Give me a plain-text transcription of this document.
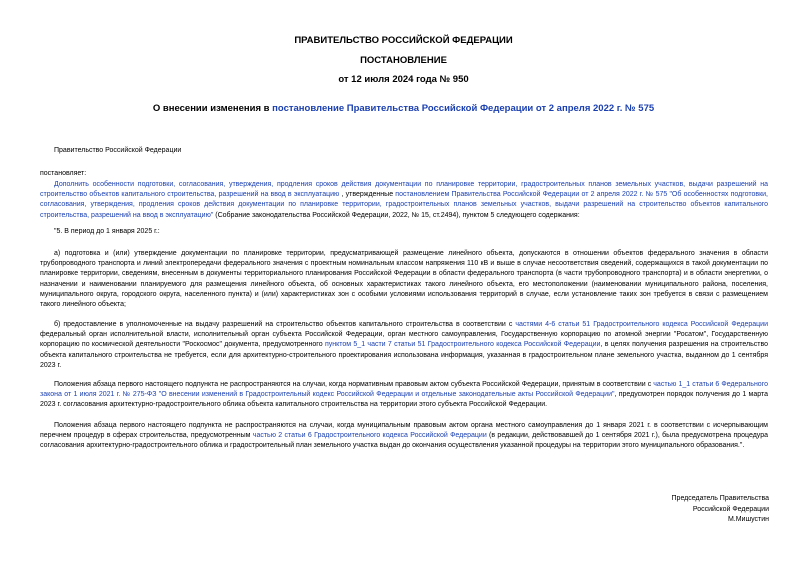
ПРАВИТЕЛЬСТВО РОССИЙСКОЙ ФЕДЕРАЦИИ
ПОСТАНОВЛЕНИЕ
от 12 июля 2024 года № 950
О внесении изменения в постановление Правительства Российской Федерации от 2 апреля 2022 г. № 575
Правительство Российской Федерации
постановляет:
Дополнить особенности подготовки, согласования, утверждения, продления сроков действия документации по планировке территории, градостроительных планов земельных участков, выдачи разрешений на строительство объектов капитального строительства, разрешений на ввод в эксплуатацию , утвержденные постановлением Правительства Российской Федерации от 2 апреля 2022 г. № 575 "Об особенностях подготовки, согласования, утверждения, продления сроков действия документации по планировке территории, градостроительных планов земельных участков, выдачи разрешений на строительство объектов капитального строительства, разрешений на ввод в эксплуатацию" (Собрание законодательства Российской Федерации, 2022, № 15, ст.2494), пунктом 5 следующего содержания:
"5. В период до 1 января 2025 г.:
а) подготовка и (или) утверждение документации по планировке территории, предусматривающей размещение линейного объекта, допускаются в отношении объектов федерального значения в области трубопроводного транспорта и линий электропередачи федерального значения с проектным номинальным классом напряжения 110 кВ и выше в случае несоответствия сведений, содержащихся в такой документации по планировке территории, сведениям, внесенным в документы территориального планирования Российской Федерации в области федерального транспорта (в части трубопроводного транспорта) и в области энергетики, о назначении и наименовании планируемого для размещения линейного объекта, об основных характеристиках такого линейного объекта, его местоположении (наименовании муниципального района, поселения, муниципального округа, городского округа, населенного пункта) и (или) характеристиках зон с особыми условиями использования территорий в случае, если установление таких зон требуется в связи с размещением такого линейного объекта;
б) предоставление в уполномоченные на выдачу разрешений на строительство объектов капитального строительства в соответствии с частями 4-6 статьи 51 Градостроительного кодекса Российской Федерации федеральный орган исполнительной власти, исполнительный орган субъекта Российской Федерации, орган местного самоуправления, Государственную корпорацию по атомной энергии "Росатом", Государственную корпорацию по космической деятельности "Роскосмос" документа, предусмотренного пунктом 5_1 части 7 статьи 51 Градостроительного кодекса Российской Федерации, в целях получения разрешения на строительство объекта капитального строительства не требуется, если для архитектурно-строительного проектирования использована информация, указанная в градостроительном плане земельного участка, выданном до 1 сентября 2023 г.
Положения абзаца первого настоящего подпункта не распространяются на случаи, когда нормативным правовым актом субъекта Российской Федерации, принятым в соответствии с частью 1_1 статьи 6 Федерального закона от 1 июля 2021 г. № 275-ФЗ "О внесении изменений в Градостроительный кодекс Российской Федерации и отдельные законодательные акты Российской Федерации", предусмотрен порядок получения до 1 марта 2023 г. согласования архитектурно-градостроительного облика объекта капитального строительства на территории этого субъекта Российской Федерации.
Положения абзаца первого настоящего подпункта не распространяются на случаи, когда муниципальным правовым актом органа местного самоуправления до 1 января 2021 г. в соответствии с исчерпывающим перечнем процедур в сферах строительства, предусмотренным частью 2 статьи 6 Градостроительного кодекса Российской Федерации (в редакции, действовавшей до 1 сентября 2021 г.), была предусмотрена процедура согласования архитектурно-градостроительного облика и градостроительный план земельного участка выдан до окончания осуществления указанной процедуры на территории этого муниципального образования.".
Председатель Правительства
Российской Федерации
М.Мишустин
